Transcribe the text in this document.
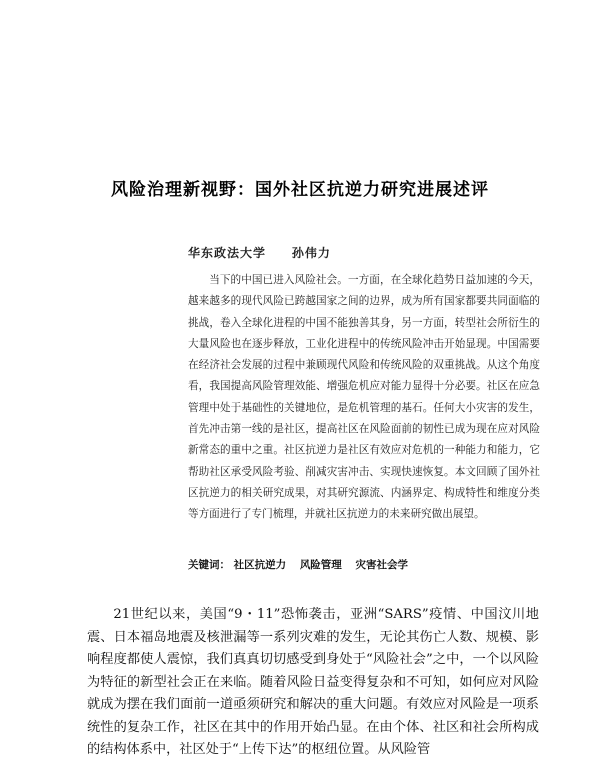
风险治理新视野：国外社区抗逆力研究进展述评
华东政法大学 孙伟力

当下的中国已进入风险社会。一方面，在全球化趋势日益加速的今天，越来越多的现代风险已跨越国家之间的边界，成为所有国家都要共同面临的挑战，卷入全球化进程的中国不能独善其身，另一方面，转型社会所衍生的大量风险也在逐步释放，工业化进程中的传统风险冲击开始显现。中国需要在经济社会发展的过程中兼顾现代风险和传统风险的双重挑战。从这个角度看，我国提高风险管理效能、增强危机应对能力显得十分必要。社区在应急管理中处于基础性的关键地位，是危机管理的基石。任何大小灾害的发生，首先冲击第一线的是社区，提高社区在风险面前的韧性已成为现在应对风险新常态的重中之重。社区抗逆力是社区有效应对危机的一种能力和能力，它帮助社区承受风险考验、削减灾害冲击、实现快速恢复。本文回顾了国外社区抗逆力的相关研究成果，对其研究源流、内涵界定、构成特性和维度分类等方面进行了专门梳理，并就社区抗逆力的未来研究做出展望。

关键词： 社区抗逆力 风险管理 灾害社会学

21世纪以来，美国“9・11”恐怖袭击，亚洲“SARS”疫情、中国汶川地震、日本福岛地震及核泄漏等一系列灾难的发生，无论其伤亡人数、规模、影响程度都使人震惊，我们真真切切感受到身处于“风险社会”之中，一个以风险为特征的新型社会正在来临。随着风险日益变得复杂和不可知，如何应对风险就成为摆在我们面前一道亟须研究和解决的重大问题。有效应对风险是一项系统性的复杂工作，社区在其中的作用开始凸显。在由个体、社区和社会所构成的结构体系中，社区处于“上传下达”的枢纽位置。从风险管
